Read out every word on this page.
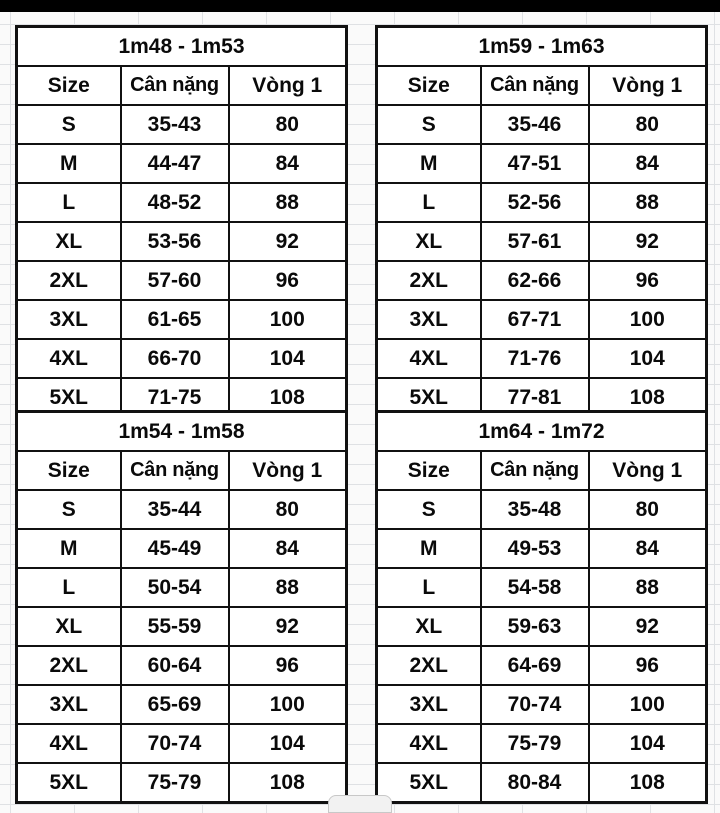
1m48 - 1m53		
Size	Cân nặng	Vòng 1
S	35-43	80
M	44-47	84
L	48-52	88
XL	53-56	92
2XL	57-60	96
3XL	61-65	100
4XL	66-70	104
5XL	71-75	108
1m59 - 1m63		
Size	Cân nặng	Vòng 1
S	35-46	80
M	47-51	84
L	52-56	88
XL	57-61	92
2XL	62-66	96
3XL	67-71	100
4XL	71-76	104
5XL	77-81	108
1m54 - 1m58		
Size	Cân nặng	Vòng 1
S	35-44	80
M	45-49	84
L	50-54	88
XL	55-59	92
2XL	60-64	96
3XL	65-69	100
4XL	70-74	104
5XL	75-79	108
1m64 - 1m72		
Size	Cân nặng	Vòng 1
S	35-48	80
M	49-53	84
L	54-58	88
XL	59-63	92
2XL	64-69	96
3XL	70-74	100
4XL	75-79	104
5XL	80-84	108
